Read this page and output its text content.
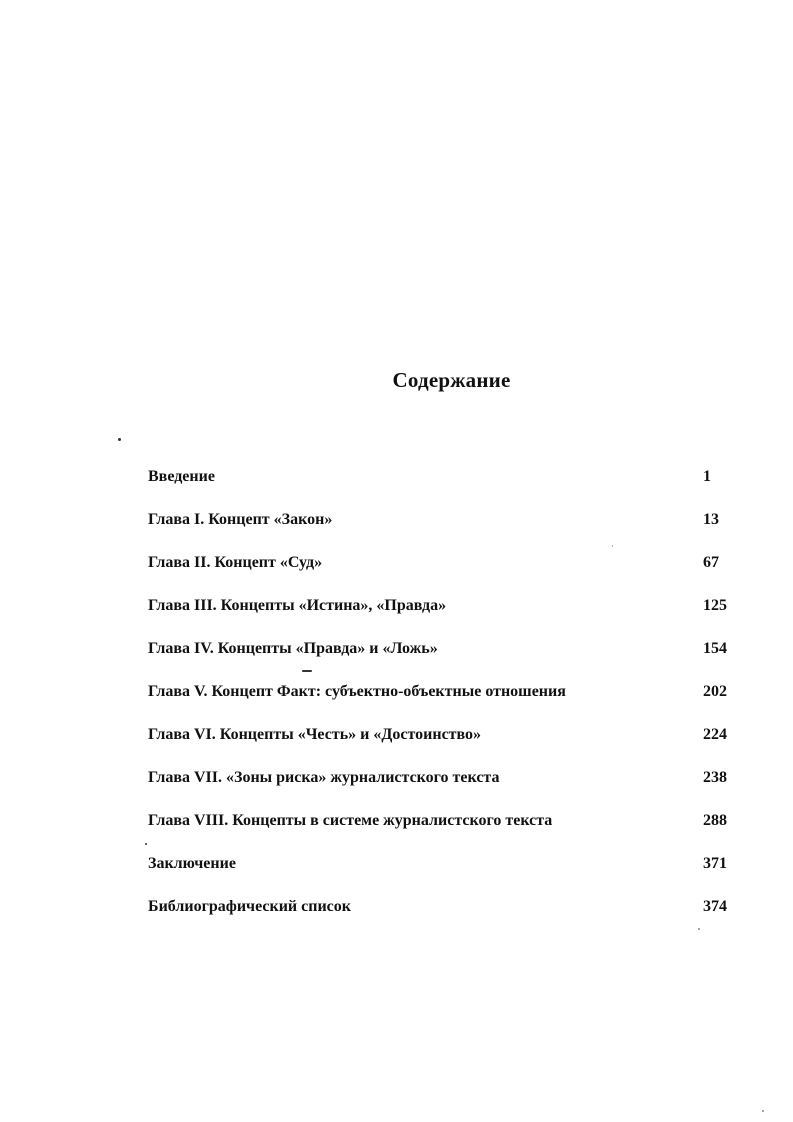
Содержание
Введение	1
Глава I. Концепт «Закон»	13
Глава II. Концепт «Суд»	67
Глава III. Концепты «Истина», «Правда»	125
Глава IV. Концепты «Правда» и «Ложь»	154
Глава V. Концепт Факт: субъектно-объектные отношения	202
Глава VI. Концепты «Честь» и «Достоинство»	224
Глава VII. «Зоны риска» журналистского текста	238
Глава VIII. Концепты в системе журналистского текста	288
Заключение	371
Библиографический список	374
